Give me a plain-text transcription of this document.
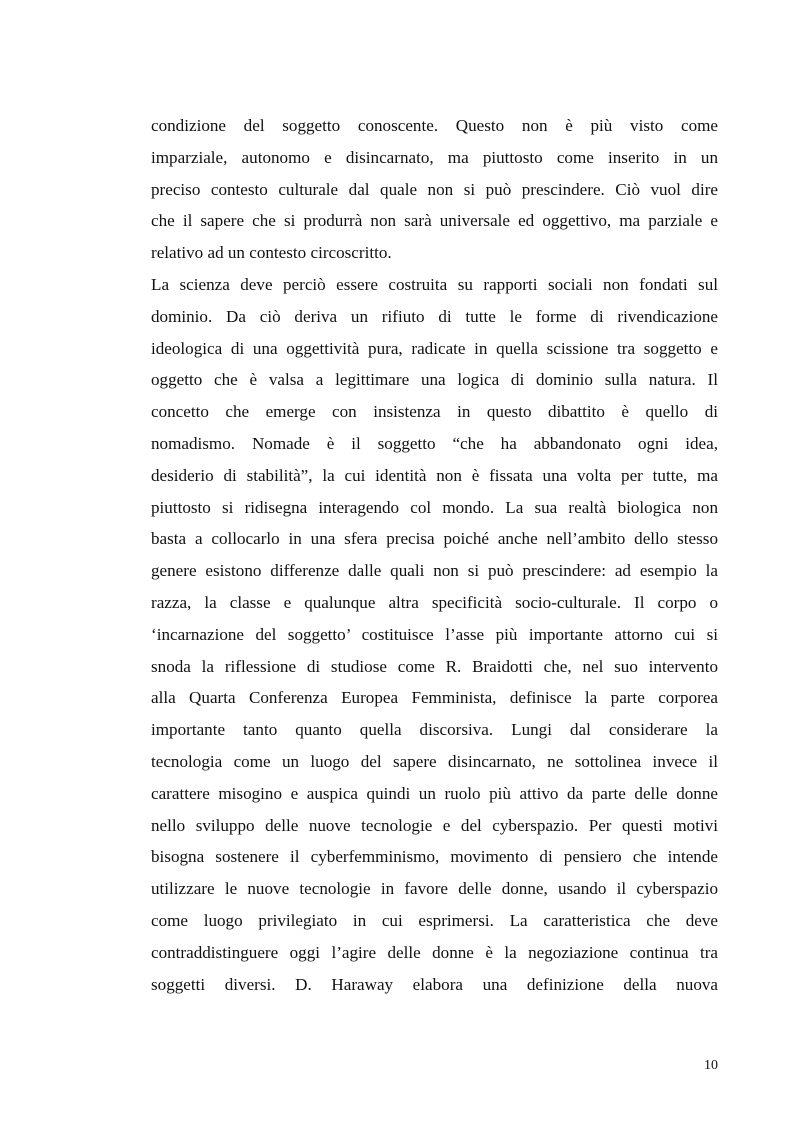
condizione del soggetto conoscente. Questo non è più visto come
imparziale, autonomo e disincarnato, ma piuttosto come inserito in un
preciso contesto culturale dal quale non si può prescindere. Ciò vuol dire
che il sapere che si produrrà non sarà universale ed oggettivo, ma parziale e
relativo ad un contesto circoscritto.
La scienza deve perciò essere costruita su rapporti sociali non fondati sul
dominio. Da ciò deriva un rifiuto di tutte le forme di rivendicazione
ideologica di una oggettività pura, radicate in quella scissione tra soggetto e
oggetto che è valsa a legittimare una logica di dominio sulla natura. Il
concetto che emerge con insistenza in questo dibattito è quello di
nomadismo. Nomade è il soggetto “che ha abbandonato ogni idea,
desiderio di stabilità”, la cui identità non è fissata una volta per tutte, ma
piuttosto si ridisegna interagendo col mondo. La sua realtà biologica non
basta a collocarlo in una sfera precisa poiché anche nell’ambito dello stesso
genere esistono differenze dalle quali non si può prescindere: ad esempio la
razza, la classe e qualunque altra specificità socio-culturale. Il corpo o
‘incarnazione del soggetto’ costituisce l’asse più importante attorno cui si
snoda la riflessione di studiose come R. Braidotti che, nel suo intervento
alla Quarta Conferenza Europea Femminista, definisce la parte corporea
importante tanto quanto quella discorsiva. Lungi dal considerare la
tecnologia come un luogo del sapere disincarnato, ne sottolinea invece il
carattere misogino e auspica quindi un ruolo più attivo da parte delle donne
nello sviluppo delle nuove tecnologie e del cyberspazio. Per questi motivi
bisogna sostenere il cyberfemminismo, movimento di pensiero che intende
utilizzare le nuove tecnologie in favore delle donne, usando il cyberspazio
come luogo privilegiato in cui esprimersi. La caratteristica che deve
contraddistinguere oggi l’agire delle donne è la negoziazione continua tra
soggetti diversi. D. Haraway elabora una definizione della nuova
10
